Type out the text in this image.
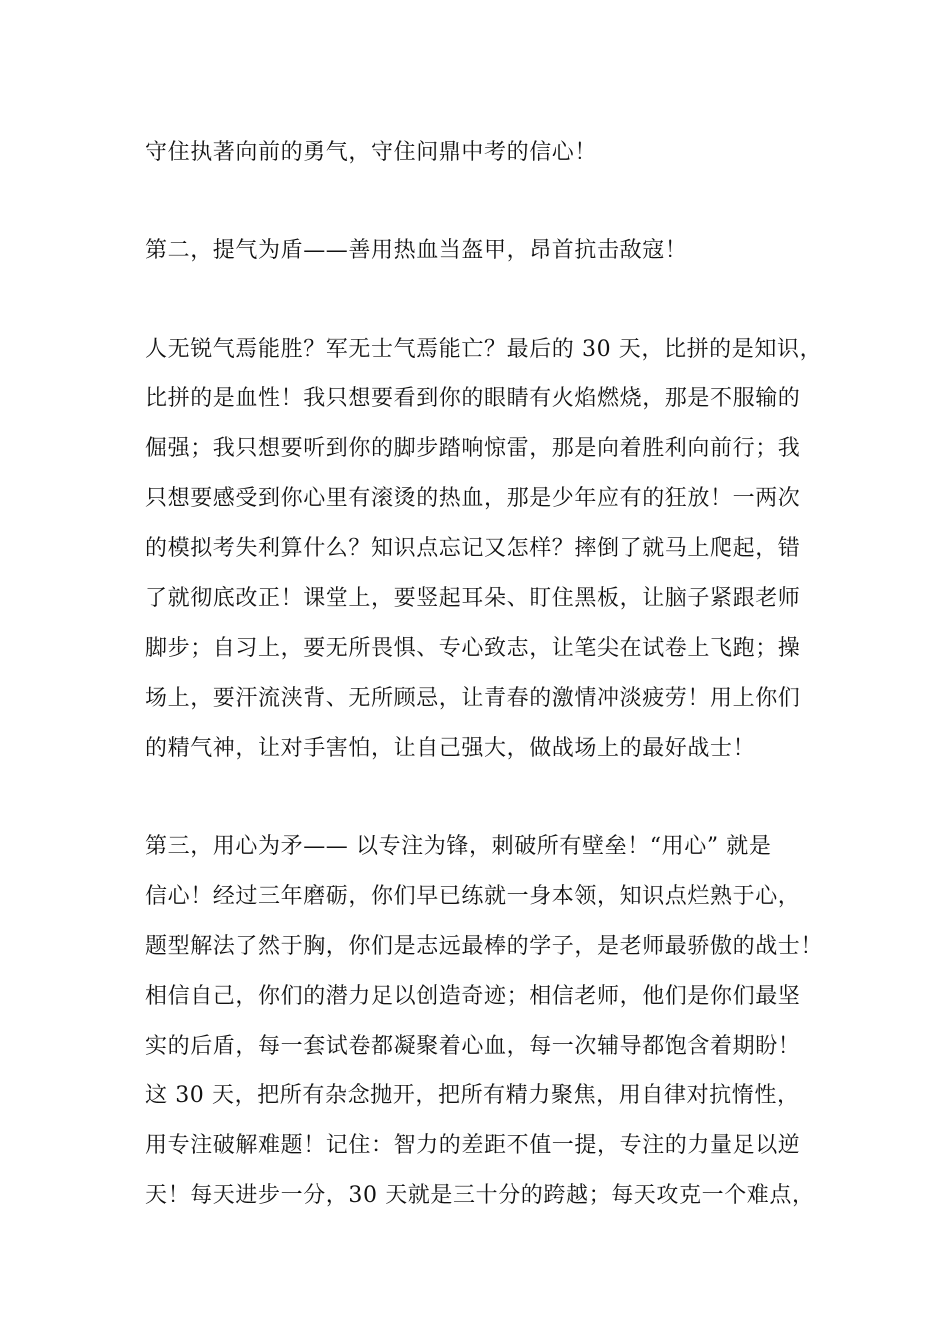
守住执著向前的勇气，守住问鼎中考的信心！
第二，提气为盾——善用热血当盔甲，昂首抗击敌寇！
人无锐气焉能胜？军无士气焉能亡？最后的 30 天，比拼的是知识，
比拼的是血性！我只想要看到你的眼睛有火焰燃烧，那是不服输的
倔强；我只想要听到你的脚步踏响惊雷，那是向着胜利向前行；我
只想要感受到你心里有滚烫的热血，那是少年应有的狂放！一两次
的模拟考失利算什么？知识点忘记又怎样？摔倒了就马上爬起，错
了就彻底改正！课堂上，要竖起耳朵、盯住黑板，让脑子紧跟老师
脚步；自习上，要无所畏惧、专心致志，让笔尖在试卷上飞跑；操
场上，要汗流浃背、无所顾忌，让青春的激情冲淡疲劳！用上你们
的精气神，让对手害怕，让自己强大，做战场上的最好战士！
第三，用心为矛—— 以专注为锋，刺破所有壁垒！“用心” 就是
信心！经过三年磨砺，你们早已练就一身本领，知识点烂熟于心，
题型解法了然于胸，你们是志远最棒的学子，是老师最骄傲的战士！
相信自己，你们的潜力足以创造奇迹；相信老师，他们是你们最坚
实的后盾，每一套试卷都凝聚着心血，每一次辅导都饱含着期盼！
这 30 天，把所有杂念抛开，把所有精力聚焦，用自律对抗惰性，
用专注破解难题！记住：智力的差距不值一提，专注的力量足以逆
天！每天进步一分，30 天就是三十分的跨越；每天攻克一个难点，
